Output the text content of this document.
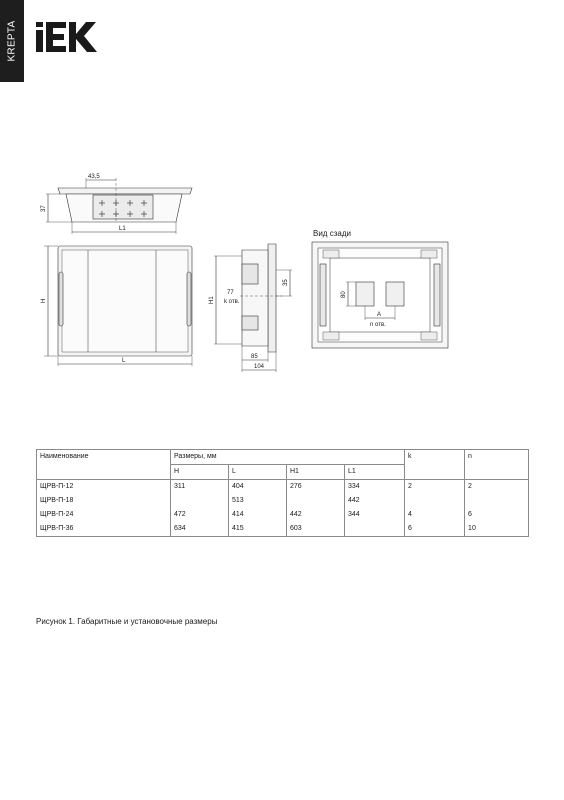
KREPTA
43,5
37
L1
H
L
H1
35
77
k отв.
85
104
80
A
n отв.
Вид сзади
Наименование	Размеры, мм				k	n
	H	L	H1	L1		
ЩРВ-П-12	311	404	276	334	2	2
ЩРВ-П-18		513		442		
ЩРВ-П-24	472	414	442	344	4	6
ЩРВ-П-36	634	415	603		6	10
Рисунок 1. Габаритные и установочные размеры
